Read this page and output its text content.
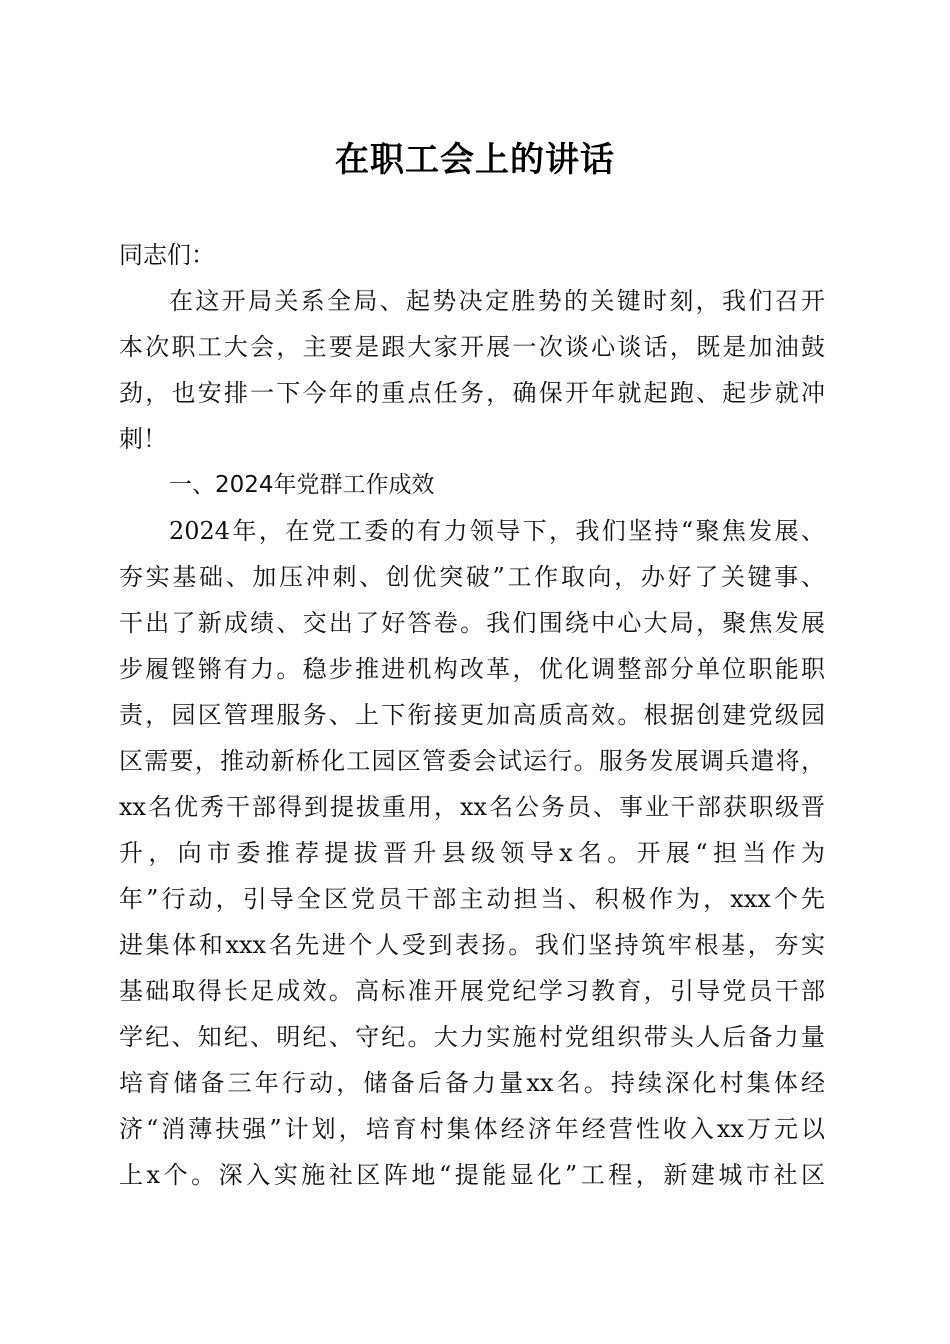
在职工会上的讲话
同志们：
在这开局关系全局、起势决定胜势的关键时刻，我们召开
本次职工大会，主要是跟大家开展一次谈心谈话，既是加油鼓
劲，也安排一下今年的重点任务，确保开年就起跑、起步就冲
刺！
一、2024年党群工作成效
2024年，在党工委的有力领导下，我们坚持“聚焦发展、
夯实基础、加压冲刺、创优突破”工作取向，办好了关键事、
干出了新成绩、交出了好答卷。我们围绕中心大局，聚焦发展
步履铿锵有力。稳步推进机构改革，优化调整部分单位职能职
责，园区管理服务、上下衔接更加高质高效。根据创建党级园
区需要，推动新桥化工园区管委会试运行。服务发展调兵遣将，
xx名优秀干部得到提拔重用，xx名公务员、事业干部获职级晋
升，向市委推荐提拔晋升县级领导x名。开展“担当作为
年”行动，引导全区党员干部主动担当、积极作为，xxx个先
进集体和xxx名先进个人受到表扬。我们坚持筑牢根基，夯实
基础取得长足成效。高标准开展党纪学习教育，引导党员干部
学纪、知纪、明纪、守纪。大力实施村党组织带头人后备力量
培育储备三年行动，储备后备力量xx名。持续深化村集体经
济“消薄扶强”计划，培育村集体经济年经营性收入xx万元以
上x个。深入实施社区阵地“提能显化”工程，新建城市社区
